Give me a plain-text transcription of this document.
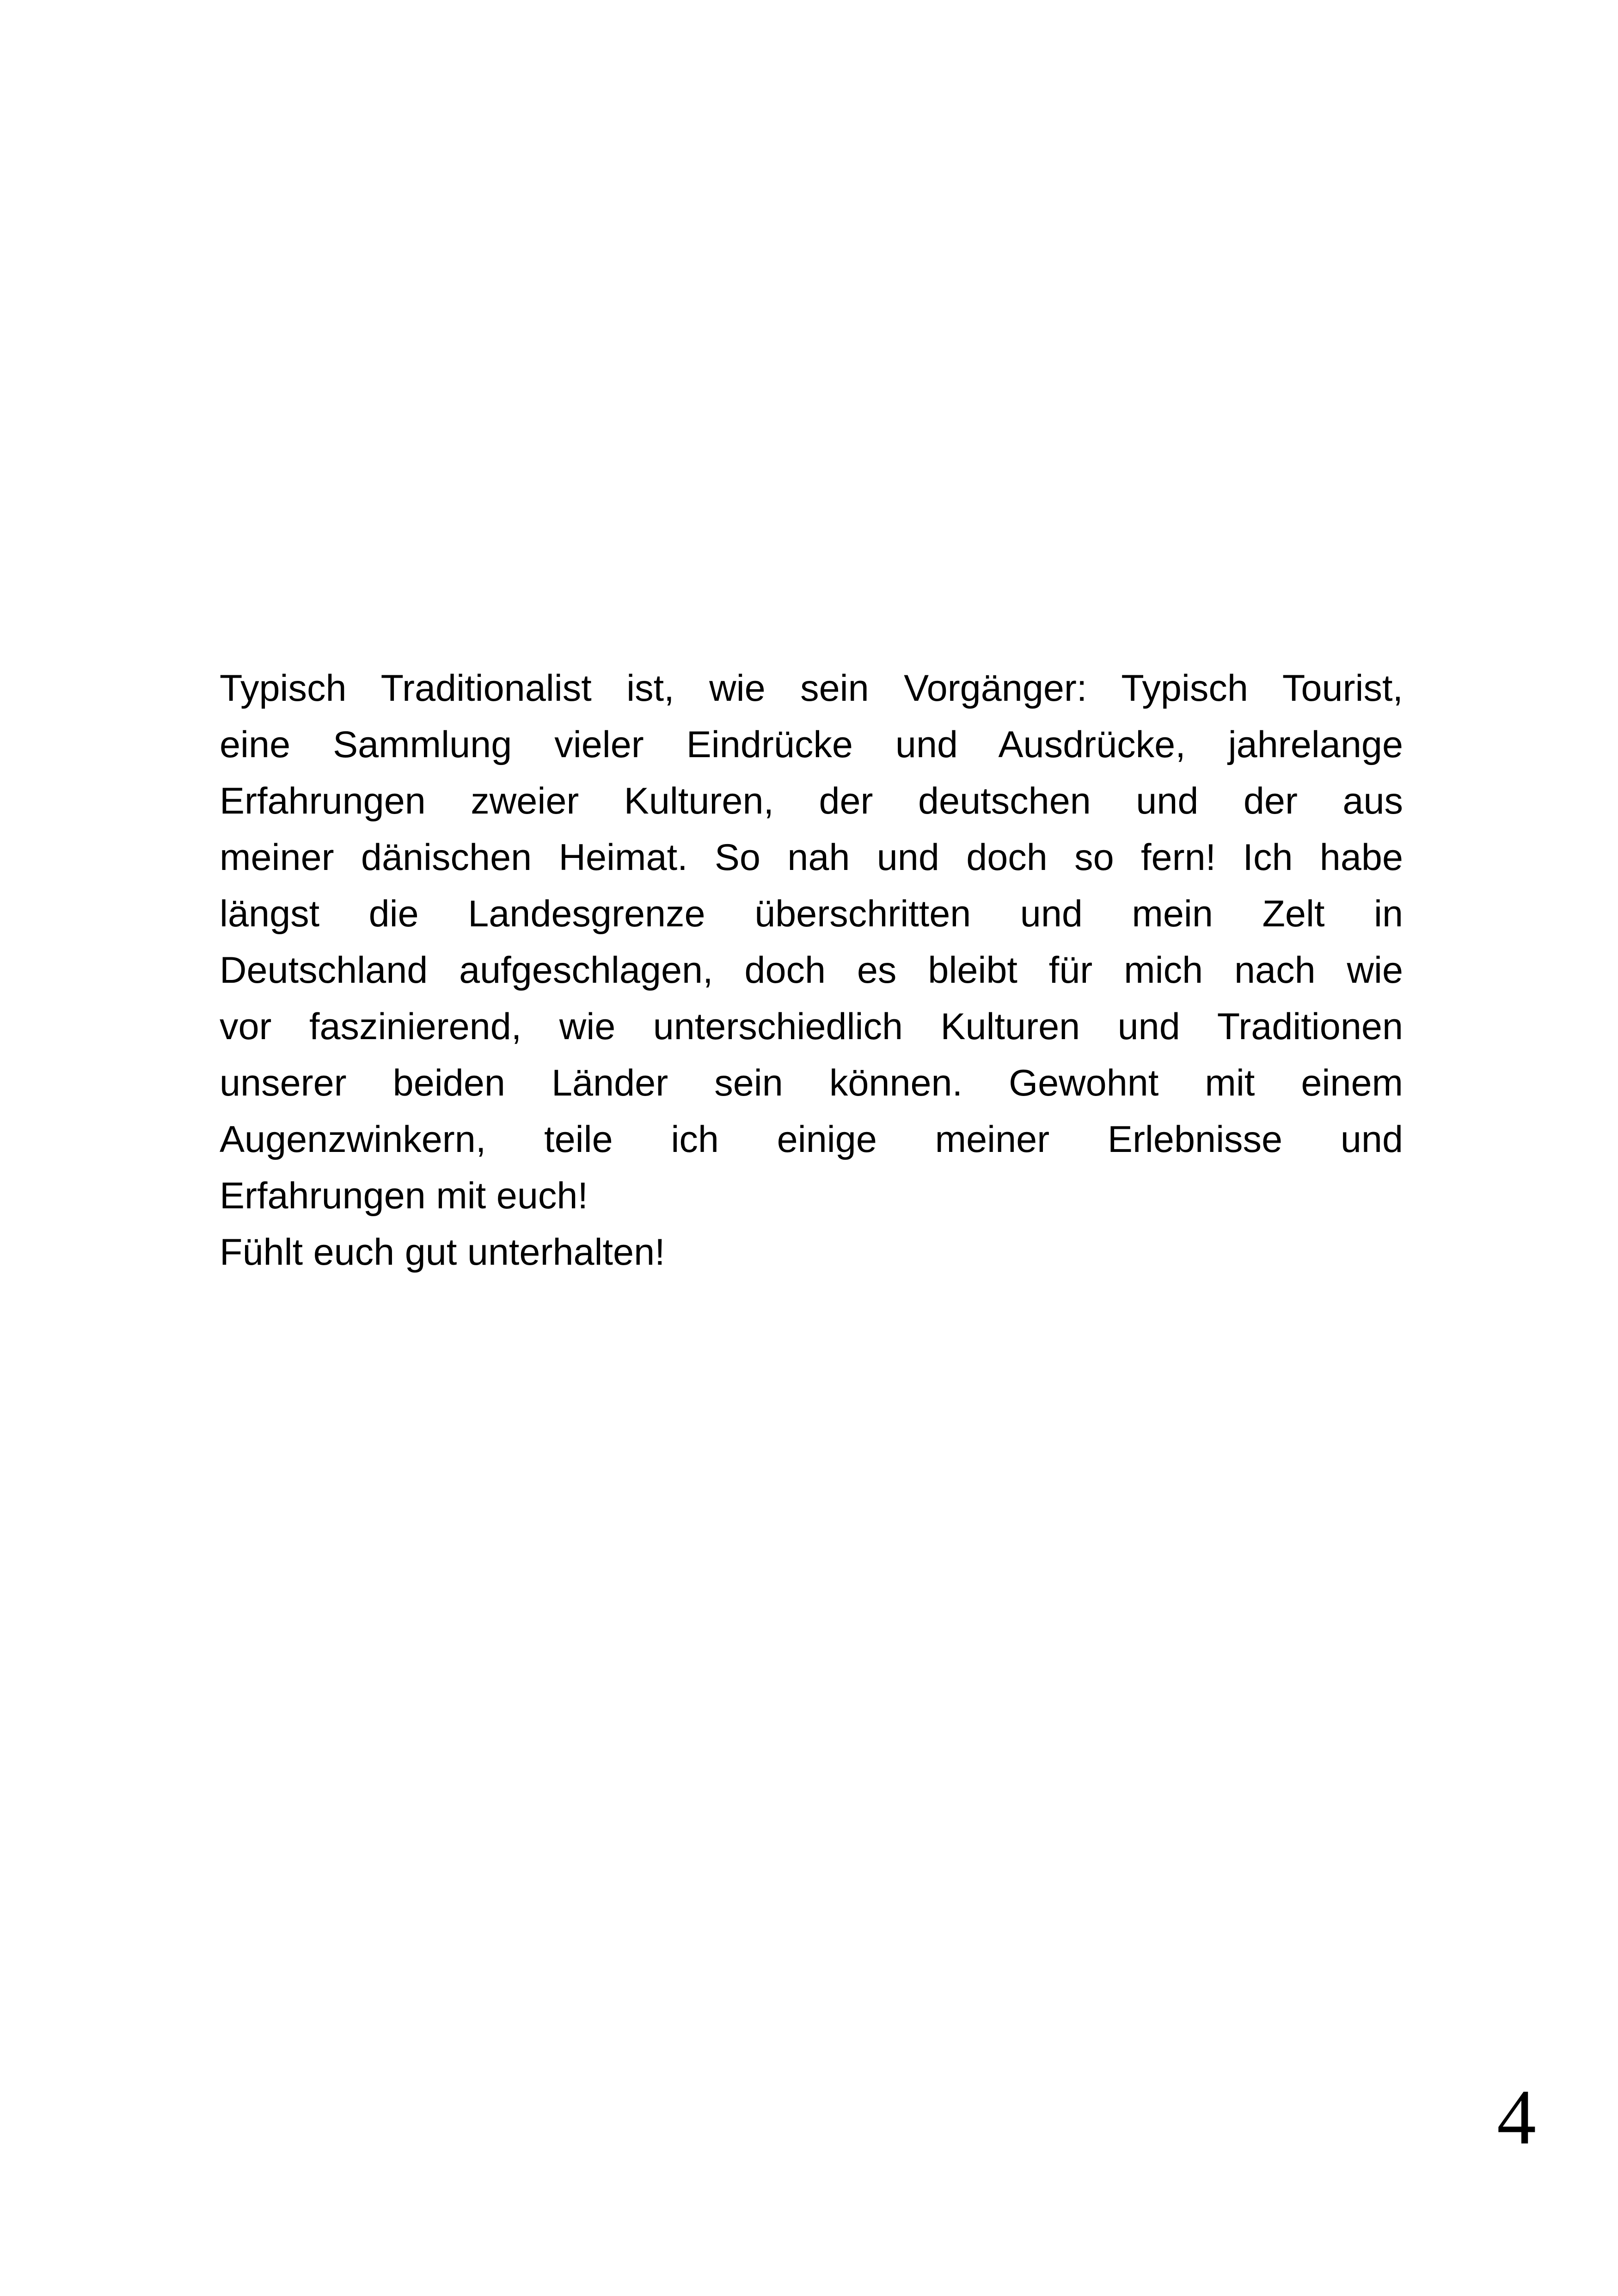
Typisch Traditionalist ist, wie sein Vorgänger: Typisch Tourist,
eine Sammlung vieler Eindrücke und Ausdrücke, jahrelange
Erfahrungen zweier Kulturen, der deutschen und der aus
meiner dänischen Heimat. So nah und doch so fern! Ich habe
längst die Landesgrenze überschritten und mein Zelt in
Deutschland aufgeschlagen, doch es bleibt für mich nach wie
vor faszinierend, wie unterschiedlich Kulturen und Traditionen
unserer beiden Länder sein können. Gewohnt mit einem
Augenzwinkern, teile ich einige meiner Erlebnisse und
Erfahrungen mit euch!
Fühlt euch gut unterhalten!
4
